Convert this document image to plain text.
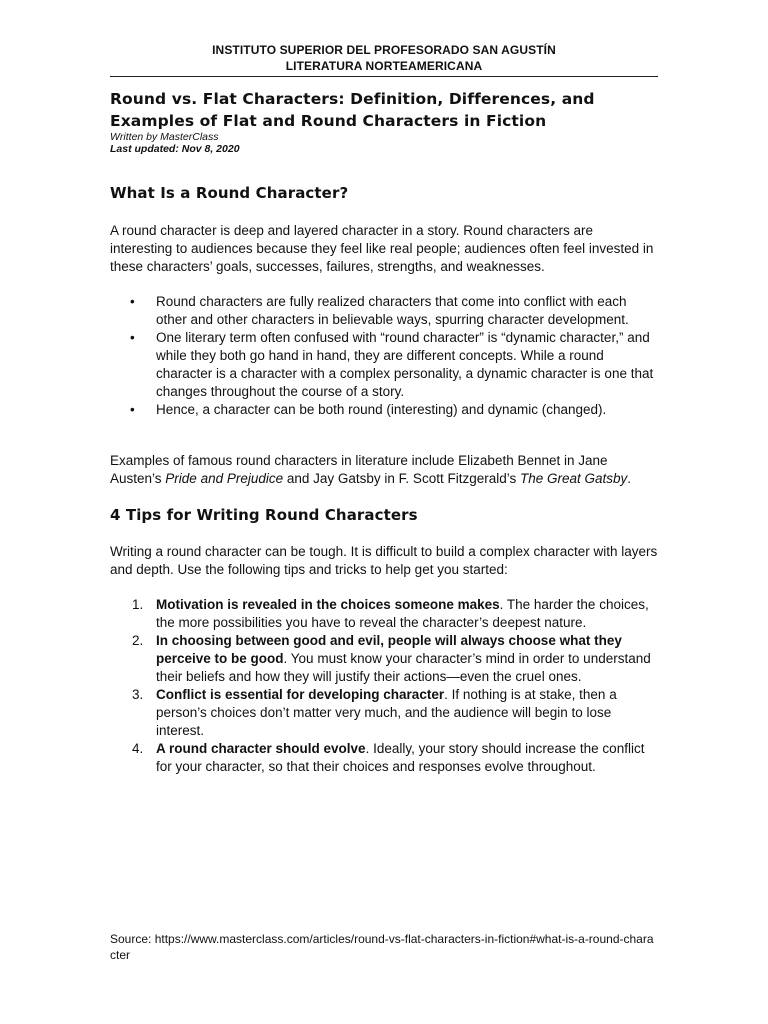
INSTITUTO SUPERIOR DEL PROFESORADO SAN AGUSTÍN
LITERATURA NORTEAMERICANA
Round vs. Flat Characters: Definition, Differences, and Examples of Flat and Round Characters in Fiction
Written by MasterClass
Last updated: Nov 8, 2020
What Is a Round Character?

A round character is deep and layered character in a story. Round characters are interesting to audiences because they feel like real people; audiences often feel invested in these characters’ goals, successes, failures, strengths, and weaknesses.

• Round characters are fully realized characters that come into conflict with each other and other characters in believable ways, spurring character development.
• One literary term often confused with “round character” is “dynamic character,” and while they both go hand in hand, they are different concepts. While a round character is a character with a complex personality, a dynamic character is one that changes throughout the course of a story.
• Hence, a character can be both round (interesting) and dynamic (changed).

Examples of famous round characters in literature include Elizabeth Bennet in Jane Austen’s Pride and Prejudice and Jay Gatsby in F. Scott Fitzgerald’s The Great Gatsby.

4 Tips for Writing Round Characters

Writing a round character can be tough. It is difficult to build a complex character with layers and depth. Use the following tips and tricks to help get you started:

1. Motivation is revealed in the choices someone makes. The harder the choices, the more possibilities you have to reveal the character’s deepest nature.
2. In choosing between good and evil, people will always choose what they perceive to be good. You must know your character’s mind in order to understand their beliefs and how they will justify their actions—even the cruel ones.
3. Conflict is essential for developing character. If nothing is at stake, then a person’s choices don’t matter very much, and the audience will begin to lose interest.
4. A round character should evolve. Ideally, your story should increase the conflict for your character, so that their choices and responses evolve throughout.
Source: https://www.masterclass.com/articles/round-vs-flat-characters-in-fiction#what-is-a-round-character
